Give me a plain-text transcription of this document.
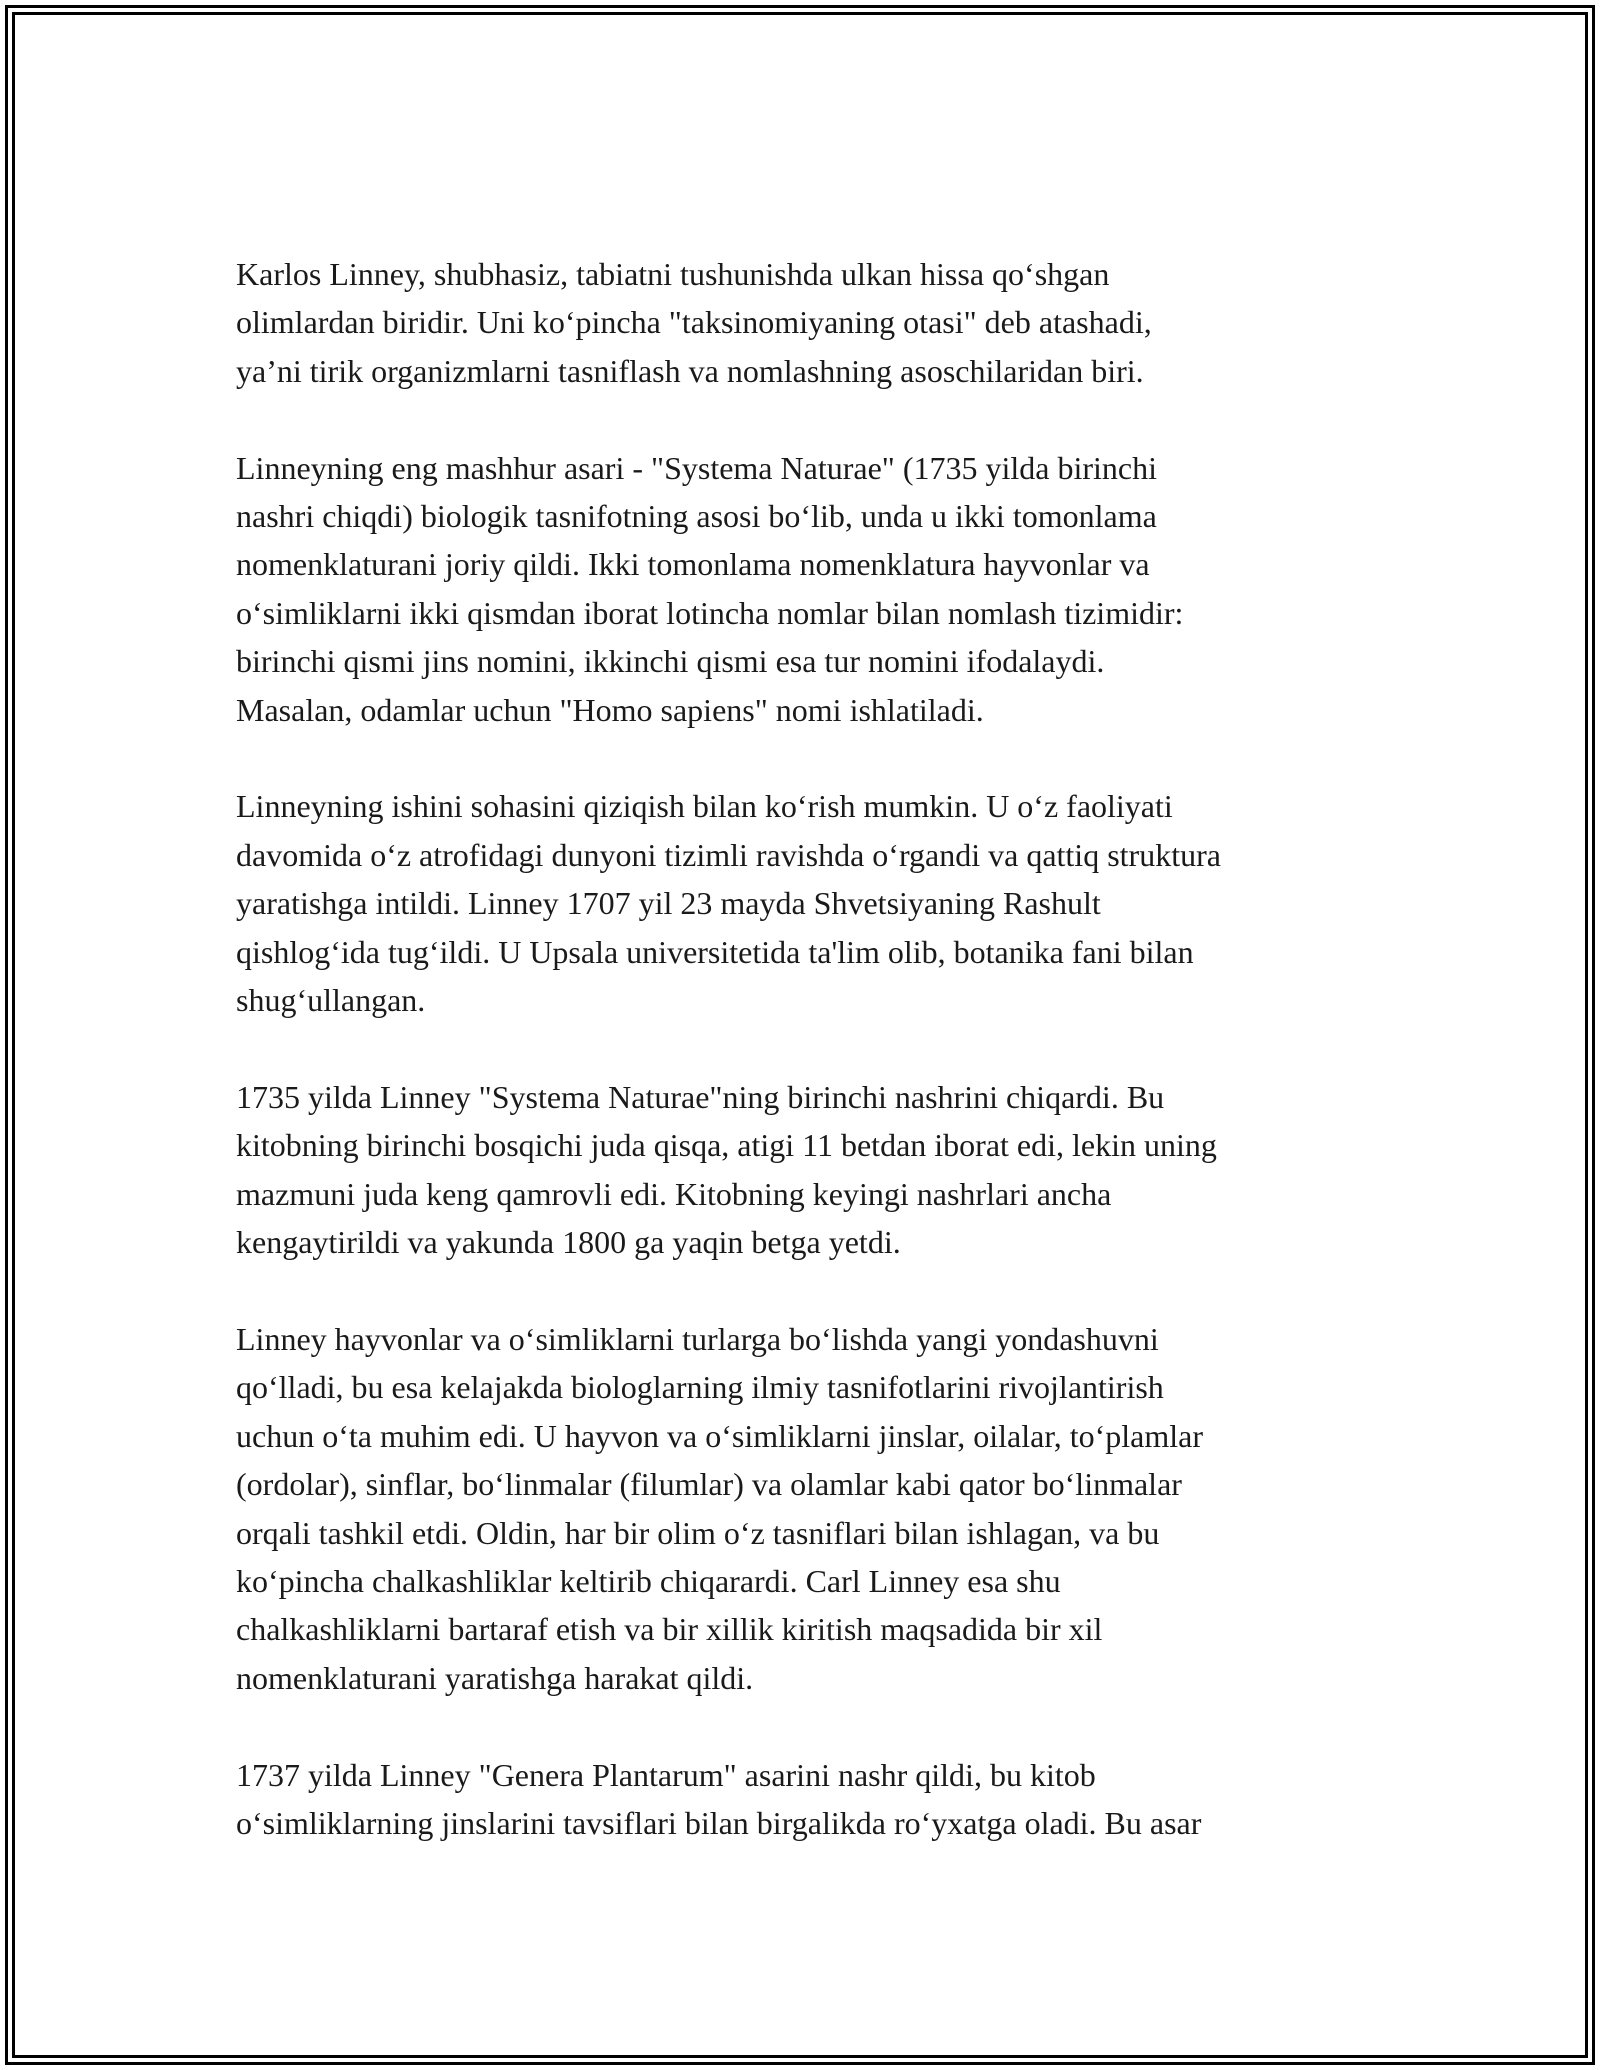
Karlos Linney, shubhasiz, tabiatni tushunishda ulkan hissa qo‘shgan
olimlardan biridir. Uni ko‘pincha "taksinomiyaning otasi" deb atashadi,
ya’ni tirik organizmlarni tasniflash va nomlashning asoschilaridan biri.

Linneyning eng mashhur asari - "Systema Naturae" (1735 yilda birinchi
nashri chiqdi) biologik tasnifotning asosi bo‘lib, unda u ikki tomonlama
nomenklaturani joriy qildi. Ikki tomonlama nomenklatura hayvonlar va
o‘simliklarni ikki qismdan iborat lotincha nomlar bilan nomlash tizimidir:
birinchi qismi jins nomini, ikkinchi qismi esa tur nomini ifodalaydi.
Masalan, odamlar uchun "Homo sapiens" nomi ishlatiladi.

Linneyning ishini sohasini qiziqish bilan ko‘rish mumkin. U o‘z faoliyati
davomida o‘z atrofidagi dunyoni tizimli ravishda o‘rgandi va qattiq struktura
yaratishga intildi. Linney 1707 yil 23 mayda Shvetsiyaning Rashult
qishlog‘ida tug‘ildi. U Upsala universitetida ta'lim olib, botanika fani bilan
shug‘ullangan.

1735 yilda Linney "Systema Naturae"ning birinchi nashrini chiqardi. Bu
kitobning birinchi bosqichi juda qisqa, atigi 11 betdan iborat edi, lekin uning
mazmuni juda keng qamrovli edi. Kitobning keyingi nashrlari ancha
kengaytirildi va yakunda 1800 ga yaqin betga yetdi.

Linney hayvonlar va o‘simliklarni turlarga bo‘lishda yangi yondashuvni
qo‘lladi, bu esa kelajakda biologlarning ilmiy tasnifotlarini rivojlantirish
uchun o‘ta muhim edi. U hayvon va o‘simliklarni jinslar, oilalar, to‘plamlar
(ordolar), sinflar, bo‘linmalar (filumlar) va olamlar kabi qator bo‘linmalar
orqali tashkil etdi. Oldin, har bir olim o‘z tasniflari bilan ishlagan, va bu
ko‘pincha chalkashliklar keltirib chiqarardi. Carl Linney esa shu
chalkashliklarni bartaraf etish va bir xillik kiritish maqsadida bir xil
nomenklaturani yaratishga harakat qildi.

1737 yilda Linney "Genera Plantarum" asarini nashr qildi, bu kitob
o‘simliklarning jinslarini tavsiflari bilan birgalikda ro‘yxatga oladi. Bu asar
